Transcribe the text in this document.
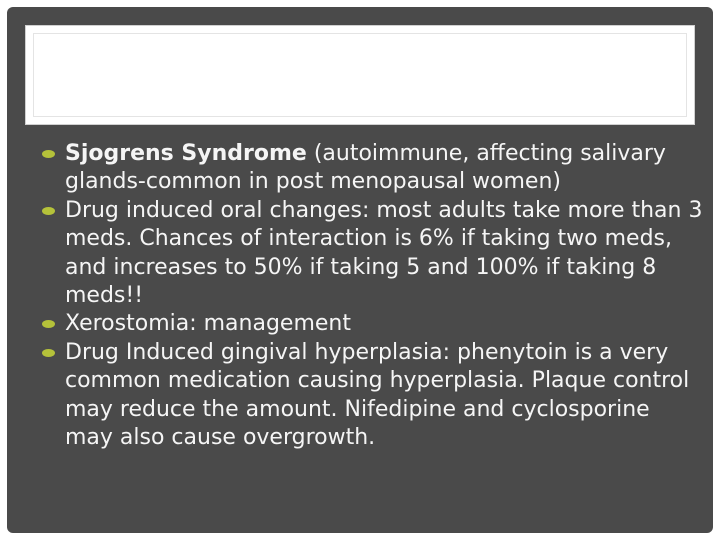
Sjogrens Syndrome (autoimmune, affecting salivary glands-common in post menopausal women)
Drug induced oral changes: most adults take more than 3 meds. Chances of interaction is 6% if taking two meds, and increases to 50% if taking 5 and 100% if taking 8 meds!!
Xerostomia: management
Drug Induced gingival hyperplasia: phenytoin is a very common medication causing hyperplasia. Plaque control may reduce the amount. Nifedipine and cyclosporine may also cause overgrowth.
